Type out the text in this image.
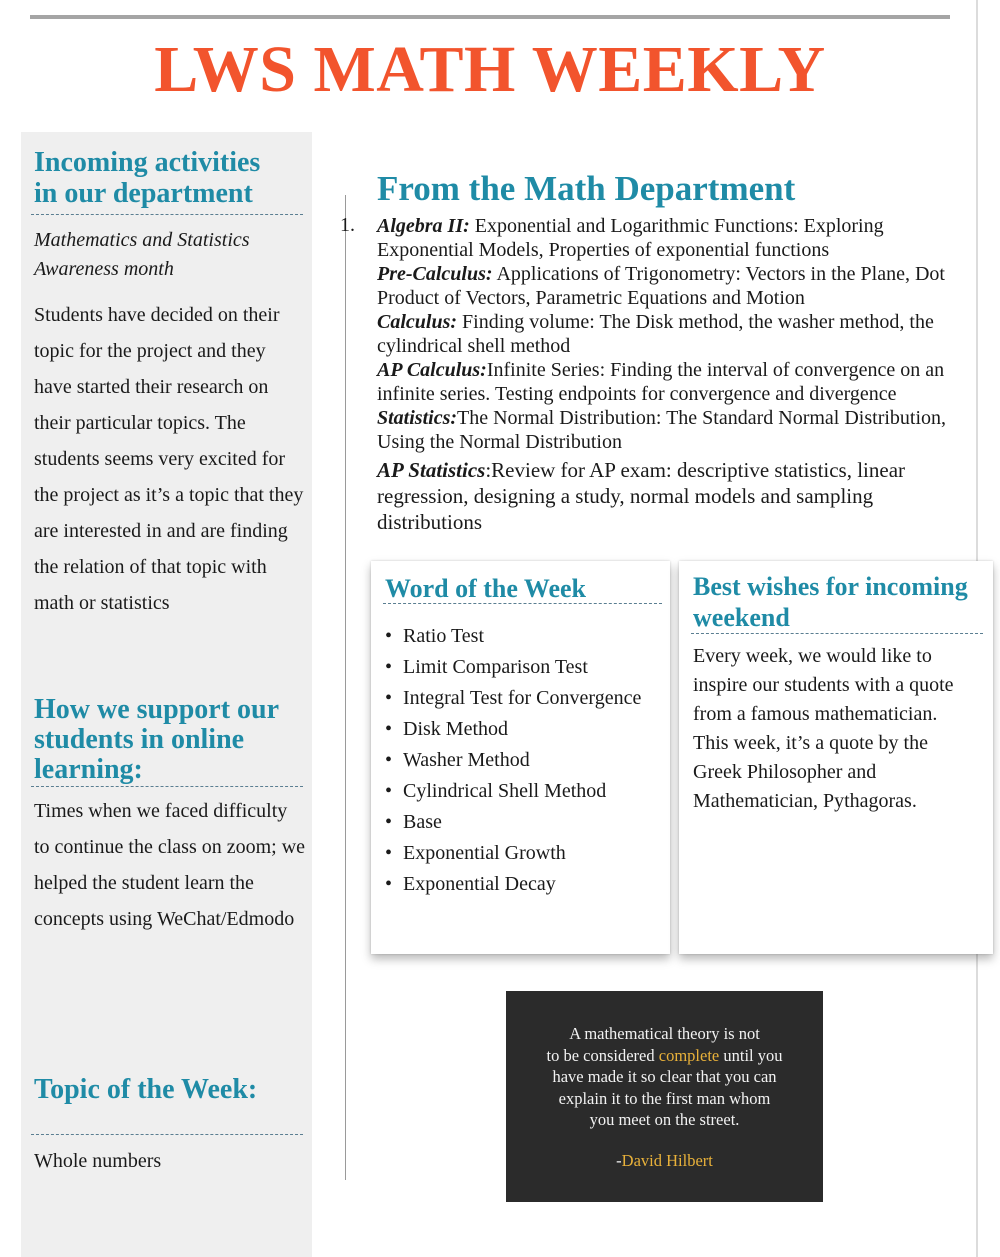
LWS MATH WEEKLY
Incoming activities
in our department

Mathematics and Statistics
Awareness month

Students have decided on their topic for the project and they have started their research on their particular topics. The students seems very excited for the project as it’s a topic that they are interested in and are finding the relation of that topic with math or statistics

How we support our
students in online
learning:

Times when we faced difficulty to continue the class on zoom; we helped the student learn the concepts using WeChat/Edmodo

Topic of the Week:

Whole numbers

From the Math Department
1. Algebra II: Exponential and Logarithmic Functions: Exploring Exponential Models, Properties of exponential functions
Pre-Calculus: Applications of Trigonometry: Vectors in the Plane, Dot Product of Vectors, Parametric Equations and Motion
Calculus: Finding volume: The Disk method, the washer method, the cylindrical shell method
AP Calculus:Infinite Series: Finding the interval of convergence on an infinite series. Testing endpoints for convergence and divergence
Statistics:The Normal Distribution: The Standard Normal Distribution, Using the Normal Distribution
AP Statistics:Review for AP exam: descriptive statistics, linear regression, designing a study, normal models and sampling distributions
Word of the Week
• Ratio Test
• Limit Comparison Test
• Integral Test for Convergence
• Disk Method
• Washer Method
• Cylindrical Shell Method
• Base
• Exponential Growth
• Exponential Decay
Best wishes for incoming
weekend

Every week, we would like to inspire our students with a quote from a famous mathematician. This week, it’s a quote by the Greek Philosopher and Mathematician, Pythagoras.

A mathematical theory is not
to be considered complete until you
have made it so clear that you can
explain it to the first man whom
you meet on the street.

-David Hilbert
